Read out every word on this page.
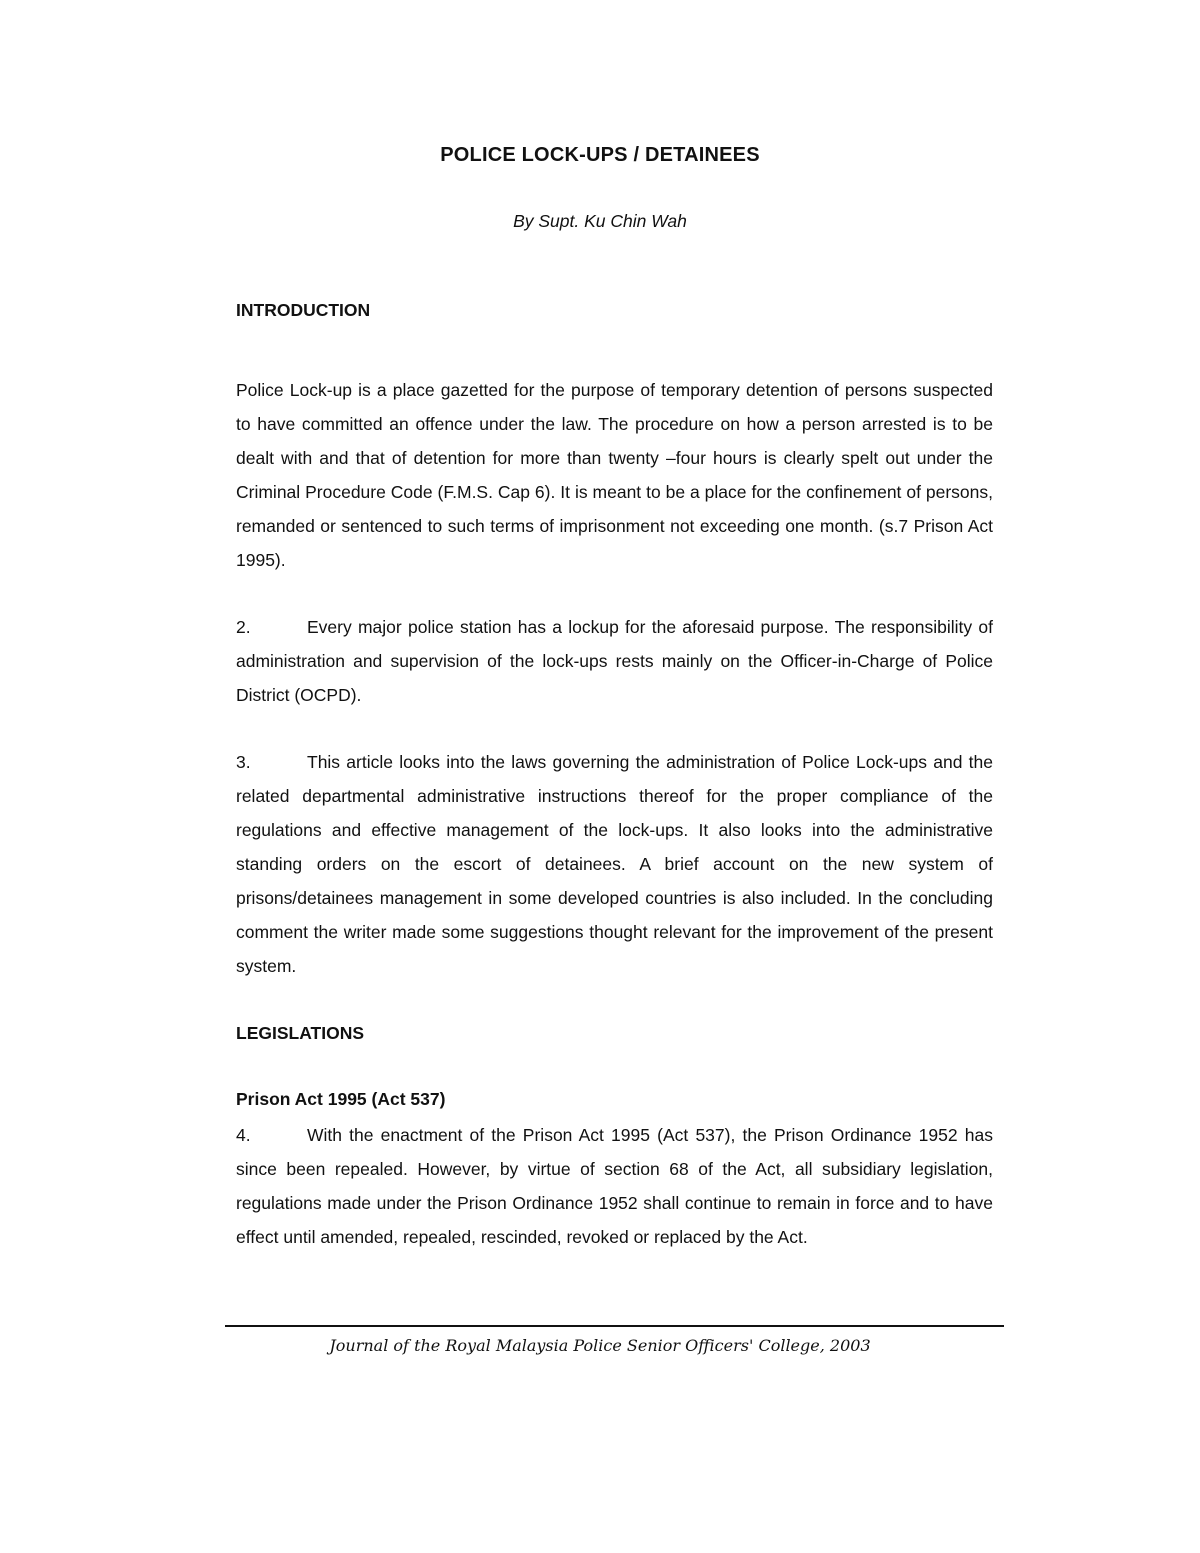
POLICE LOCK-UPS / DETAINEES
By Supt. Ku Chin Wah
INTRODUCTION

Police Lock-up is a place gazetted for the purpose of temporary detention of persons suspected to have committed an offence under the law. The procedure on how a person arrested is to be dealt with and that of detention for more than twenty –four hours is clearly spelt out under the Criminal Procedure Code (F.M.S. Cap 6). It is meant to be a place for the confinement of persons, remanded or sentenced to such terms of imprisonment not exceeding one month. (s.7 Prison Act 1995).

2.	Every major police station has a lockup for the aforesaid purpose. The responsibility of administration and supervision of the lock-ups rests mainly on the Officer-in-Charge of Police District (OCPD).

3.	This article looks into the laws governing the administration of Police Lock-ups and the related departmental administrative instructions thereof for the proper compliance of the regulations and effective management of the lock-ups. It also looks into the administrative standing orders on the escort of detainees. A brief account on the new system of prisons/detainees management in some developed countries is also included. In the concluding comment the writer made some suggestions thought relevant for the improvement of the present system.

LEGISLATIONS
Prison Act 1995 (Act 537)

4.	With the enactment of the Prison Act 1995 (Act 537), the Prison Ordinance 1952 has since been repealed. However, by virtue of section 68 of the Act, all subsidiary legislation, regulations made under the Prison Ordinance 1952 shall continue to remain in force and to have effect until amended, repealed, rescinded, revoked or replaced by the Act.

Journal of the Royal Malaysia Police Senior Officers' College, 2003
